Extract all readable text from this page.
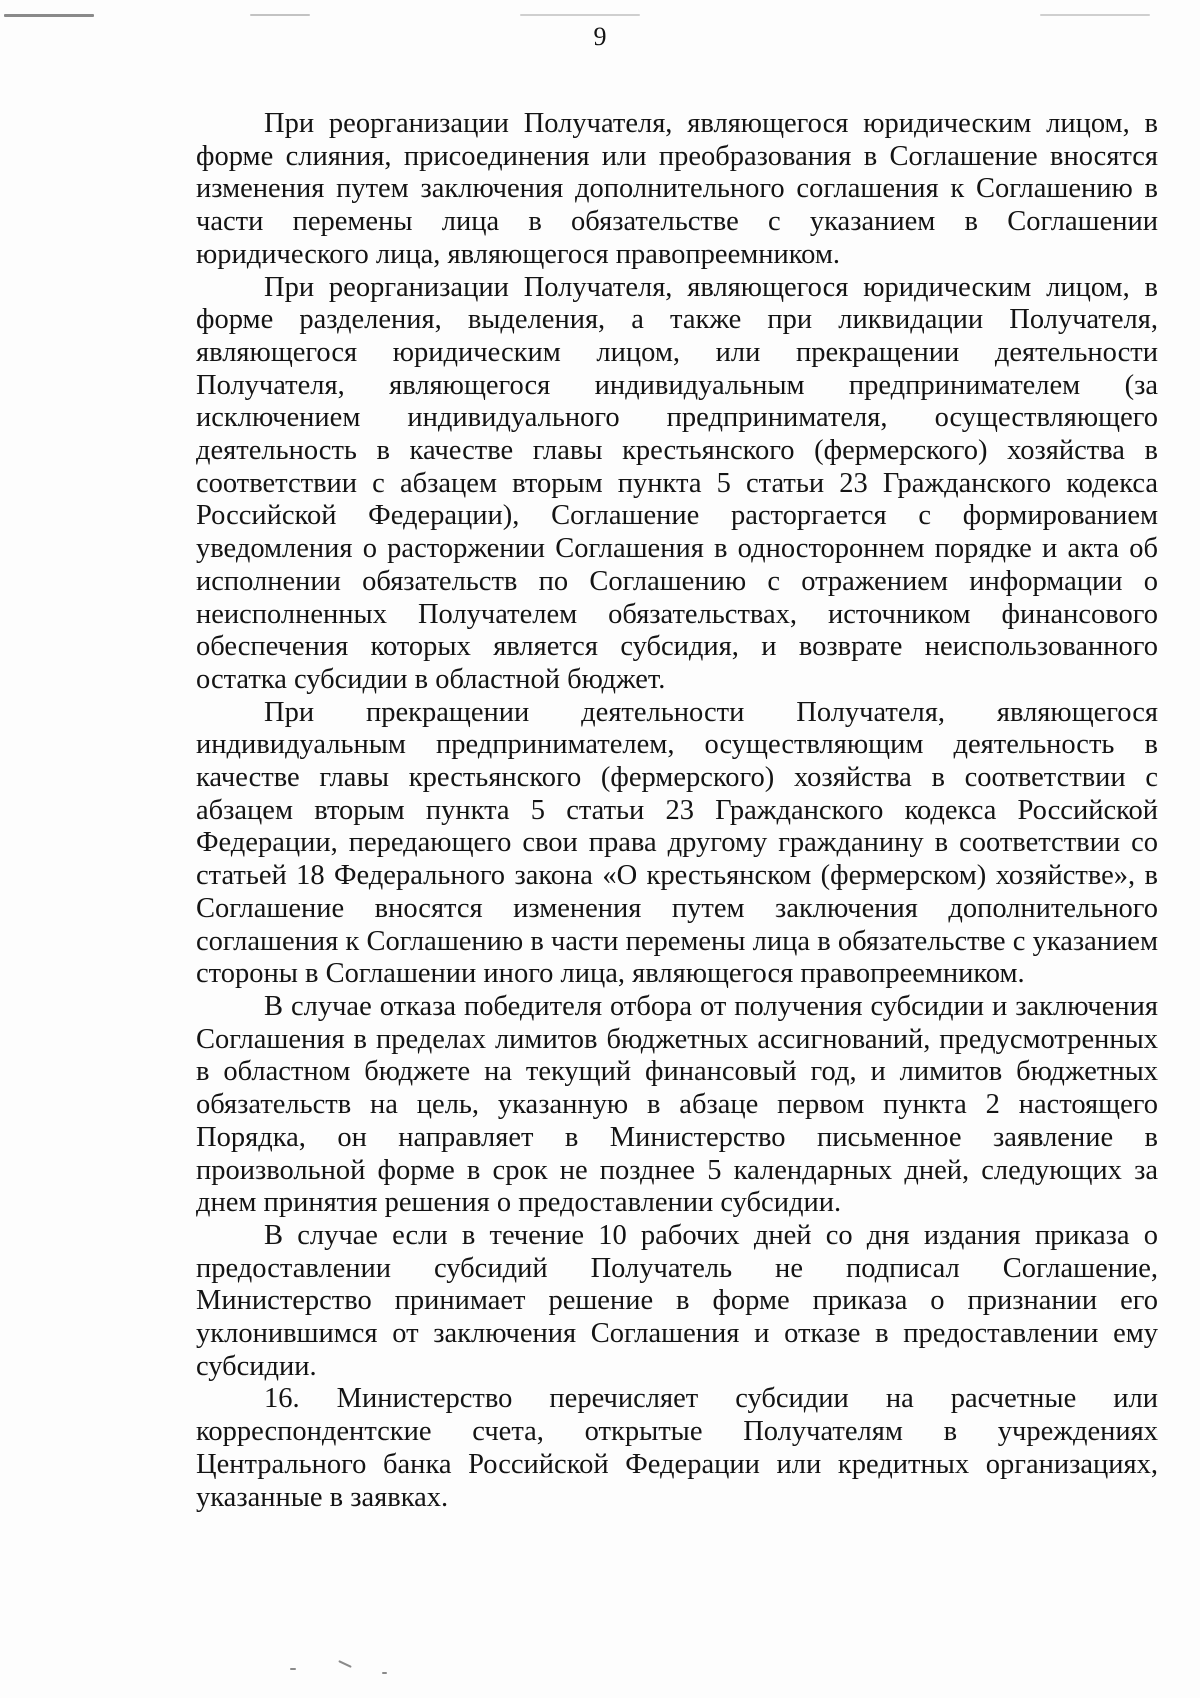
9

При реорганизации Получателя, являющегося юридическим лицом, в форме слияния, присоединения или преобразования в Соглашение вносятся изменения путем заключения дополнительного соглашения к Соглашению в части перемены лица в обязательстве с указанием в Соглашении юридического лица, являющегося правопреемником.

При реорганизации Получателя, являющегося юридическим лицом, в форме разделения, выделения, а также при ликвидации Получателя, являющегося юридическим лицом, или прекращении деятельности Получателя, являющегося индивидуальным предпринимателем (за исключением индивидуального предпринимателя, осуществляющего деятельность в качестве главы крестьянского (фермерского) хозяйства в соответствии с абзацем вторым пункта 5 статьи 23 Гражданского кодекса Российской Федерации), Соглашение расторгается с формированием уведомления о расторжении Соглашения в одностороннем порядке и акта об исполнении обязательств по Соглашению с отражением информации о неисполненных Получателем обязательствах, источником финансового обеспечения которых является субсидия, и возврате неиспользованного остатка субсидии в областной бюджет.

При прекращении деятельности Получателя, являющегося индивидуальным предпринимателем, осуществляющим деятельность в качестве главы крестьянского (фермерского) хозяйства в соответствии с абзацем вторым пункта 5 статьи 23 Гражданского кодекса Российской Федерации, передающего свои права другому гражданину в соответствии со статьей 18 Федерального закона «О крестьянском (фермерском) хозяйстве», в Соглашение вносятся изменения путем заключения дополнительного соглашения к Соглашению в части перемены лица в обязательстве с указанием стороны в Соглашении иного лица, являющегося правопреемником.

В случае отказа победителя отбора от получения субсидии и заключения Соглашения в пределах лимитов бюджетных ассигнований, предусмотренных в областном бюджете на текущий финансовый год, и лимитов бюджетных обязательств на цель, указанную в абзаце первом пункта 2 настоящего Порядка, он направляет в Министерство письменное заявление в произвольной форме в срок не позднее 5 календарных дней, следующих за днем принятия решения о предоставлении субсидии.

В случае если в течение 10 рабочих дней со дня издания приказа о предоставлении субсидий Получатель не подписал Соглашение, Министерство принимает решение в форме приказа о признании его уклонившимся от заключения Соглашения и отказе в предоставлении ему субсидии.

16. Министерство перечисляет субсидии на расчетные или корреспондентские счета, открытые Получателям в учреждениях Центрального банка Российской Федерации или кредитных организациях, указанные в заявках.
